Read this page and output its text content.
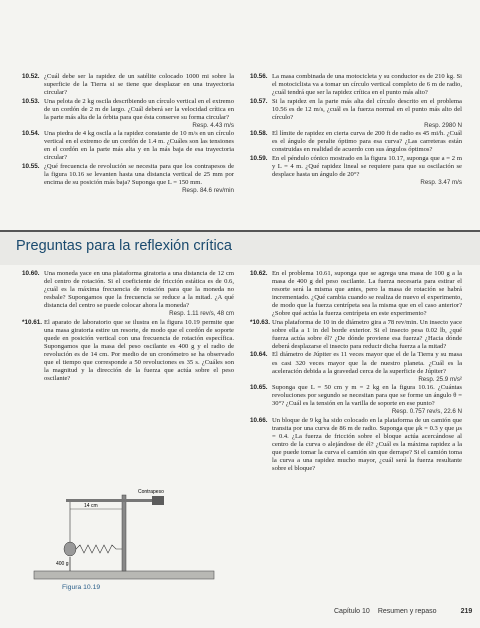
10.52. ¿Cuál debe ser la rapidez de un satélite colocado 1000 mi sobre la superficie de la Tierra si se tiene que desplazar en una trayectoria circular?
10.53. Una pelota de 2 kg oscila describiendo un círculo vertical en el extremo de un cordón de 2 m de largo. ¿Cuál deberá ser la velocidad crítica en la parte más alta de la órbita para que ésta conserve su forma circular?
Resp. 4.43 m/s
10.54. Una piedra de 4 kg oscila a la rapidez constante de 10 m/s en un círculo vertical en el extremo de un cordón de 1.4 m. ¿Cuáles son las tensiones en el cordón en la parte más alta y en la más baja de esa trayectoria circular?
10.55. ¿Qué frecuencia de revolución se necesita para que los contrapesos de la figura 10.16 se levanten hasta una distancia vertical de 25 mm por encima de su posición más baja? Suponga que L = 150 mm.
Resp. 84.6 rev/min
10.56. La masa combinada de una motocicleta y su conductor es de 210 kg. Si el motociclista va a tomar un círculo vertical completo de 6 m de radio, ¿cuál tendrá que ser la rapidez crítica en el punto más alto?
10.57. Si la rapidez en la parte más alta del círculo descrito en el problema 10.56 es de 12 m/s, ¿cuál es la fuerza normal en el punto más alto del círculo?
Resp. 2980 N
10.58. El límite de rapidez en cierta curva de 200 ft de radio es 45 mi/h. ¿Cuál es el ángulo de peralte óptimo para esa curva? ¿Las carreteras están construidas en realidad de acuerdo con sus ángulos óptimos?
10.59. En el péndulo cónico mostrado en la figura 10.17, suponga que a = 2 m y L = 4 m. ¿Qué rapidez lineal se requiere para que su oscilación se desplace hasta un ángulo de 20°?
Resp. 3.47 m/s
Preguntas para la reflexión crítica
10.60. Una moneda yace en una plataforma giratoria a una distancia de 12 cm del centro de rotación. Si el coeficiente de fricción estática es de 0.6, ¿cuál es la máxima frecuencia de rotación para que la moneda no resbale? Supongamos que la frecuencia se reduce a la mitad. ¿A qué distancia del centro se puede colocar ahora la moneda?
Resp. 1.11 rev/s, 48 cm
*10.61. El aparato de laboratorio que se ilustra en la figura 10.19 permite que una masa giratoria estire un resorte, de modo que el cordón de soporte quede en posición vertical con una frecuencia de rotación específica. Supongamos que la masa del peso oscilante es 400 g y el radio de revolución es de 14 cm. Por medio de un cronómetro se ha observado que el tiempo que corresponde a 50 revoluciones es 35 s. ¿Cuáles son la magnitud y la dirección de la fuerza que actúa sobre el peso oscilante?
10.62. En el problema 10.61, suponga que se agrega una masa de 100 g a la masa de 400 g del peso oscilante. La fuerza necesaria para estirar el resorte será la misma que antes, pero la masa de rotación se habrá incrementado. ¿Qué cambia cuando se realiza de nuevo el experimento, de modo que la fuerza centrípeta sea la misma que en el caso anterior? ¿Sobre qué actúa la fuerza centrípeta en este experimento?
*10.63. Una plataforma de 10 in de diámetro gira a 78 rev/min. Un insecto yace sobre ella a 1 in del borde exterior. Si el insecto pesa 0.02 lb, ¿qué fuerza actúa sobre él? ¿De dónde proviene esa fuerza? ¿Hacia dónde deberá desplazarse el insecto para reducir dicha fuerza a la mitad?
10.64. El diámetro de Júpiter es 11 veces mayor que el de la Tierra y su masa es casi 320 veces mayor que la de nuestro planeta. ¿Cuál es la aceleración debida a la gravedad cerca de la superficie de Júpiter?
Resp. 25.9 m/s²
10.65. Suponga que L = 50 cm y m = 2 kg en la figura 10.16. ¿Cuántas revoluciones por segundo se necesitan para que se forme un ángulo θ = 30°? ¿Cuál es la tensión en la varilla de soporte en ese punto?
Resp. 0.757 rev/s, 22.6 N
10.66. Un bloque de 9 kg ha sido colocado en la plataforma de un camión que transita por una curva de 86 m de radio. Suponga que μk = 0.3 y que μs = 0.4. ¿La fuerza de fricción sobre el bloque actúa acercándose al centro de la curva o alejándose de él? ¿Cuál es la máxima rapidez a la que puede tomar la curva el camión sin que derrape? Si el camión toma la curva a una rapidez mucho mayor, ¿cuál será la fuerza resultante sobre el bloque?
14 cm
Contrapeso
400 g
Figura 10.19
Capítulo 10 Resumen y repaso	219
